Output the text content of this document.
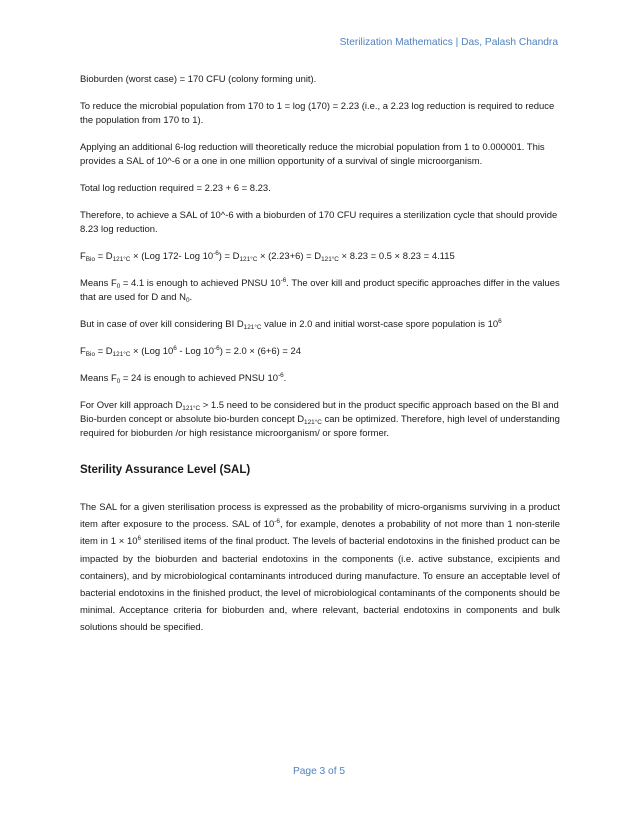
Sterilization Mathematics | Das, Palash Chandra

Bioburden (worst case) = 170 CFU (colony forming unit).

To reduce the microbial population from 170 to 1 = log (170) = 2.23 (i.e., a 2.23 log reduction is required to reduce the population from 170 to 1).

Applying an additional 6-log reduction will theoretically reduce the microbial population from 1 to 0.000001. This provides a SAL of 10^-6 or a one in one million opportunity of a survival of single microorganism.

Total log reduction required = 2.23 + 6 = 8.23.

Therefore, to achieve a SAL of 10^-6 with a bioburden of 170 CFU requires a sterilization cycle that should provide 8.23 log reduction.

$F_{Bio} = D_{121^\circ C} \times (Log$ 172- Log $10^{-6}) = D_{121^\circ C} \times (2.23+6) = D_{121^\circ C} \times 8.23 = 0.5 \times 8.23 = 4.115$

Means $F_0 = 4.1$ is enough to achieved PNSU $10^{-6}$. The over kill and product specific approaches differ in the values that are used for D and $N_0$.

But in case of over kill considering BI $D_{121^\circ C}$ value in 2.0 and initial worst-case spore population is $10^6$

$F_{Bio} = D_{121^\circ C} \times (Log$ $10^6$ - Log $10^{-6}) = 2.0 \times (6+6) = 24$

Means $F_0 = 24$ is enough to achieved PNSU $10^{-6}$.

For Over kill approach $D_{121^\circ C} > 1.5$ need to be considered but in the product specific approach based on the BI and Bio-burden concept or absolute bio-burden concept $D_{121^\circ C}$ can be optimized. Therefore, high level of understanding required for bioburden /or high resistance microorganism/ or spore former.

Sterility Assurance Level (SAL)

The SAL for a given sterilisation process is expressed as the probability of micro-organisms surviving in a product item after exposure to the process. SAL of $10^{-6}$, for example, denotes a probability of not more than 1 non-sterile item in $1 \times 10^6$ sterilised items of the final product. The levels of bacterial endotoxins in the finished product can be impacted by the bioburden and bacterial endotoxins in the components (i.e. active substance, excipients and containers), and by microbiological contaminants introduced during manufacture. To ensure an acceptable level of bacterial endotoxins in the finished product, the level of microbiological contaminants of the components should be minimal. Acceptance criteria for bioburden and, where relevant, bacterial endotoxins in components and bulk solutions should be specified.

Page 3 of 5
